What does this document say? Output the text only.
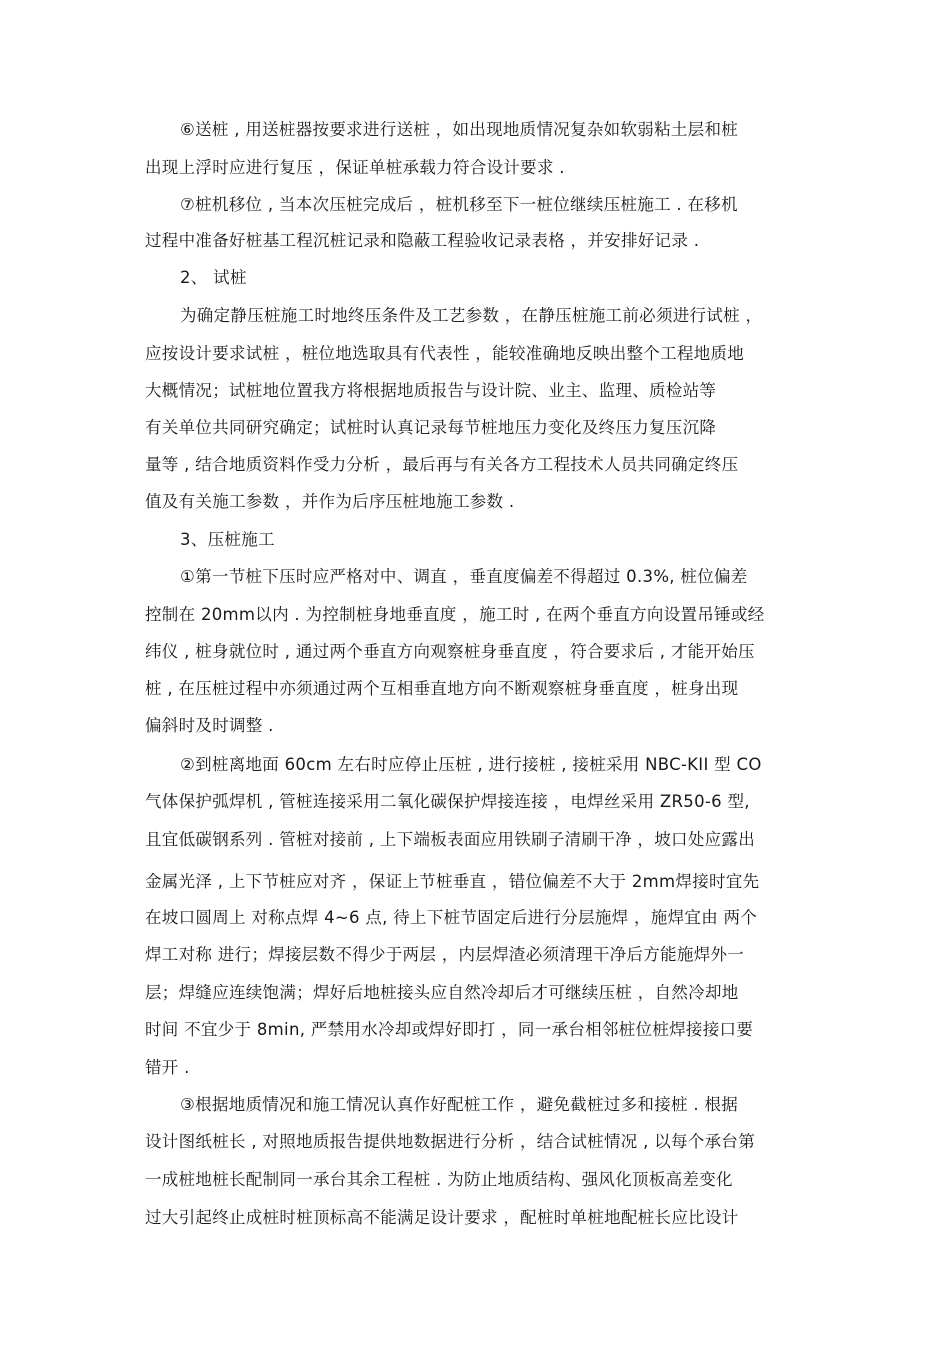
⑥送桩 , 用送桩器按要求进行送桩 ，如出现地质情况复杂如软弱粘土层和桩
出现上浮时应进行复压 ，保证单桩承载力符合设计要求 .
⑦桩机移位 , 当本次压桩完成后 ，桩机移至下一桩位继续压桩施工 . 在移机
过程中准备好桩基工程沉桩记录和隐蔽工程验收记录表格 ，并安排好记录 .
2、 试桩
为确定静压桩施工时地终压条件及工艺参数 ，在静压桩施工前必须进行试桩 ，
应按设计要求试桩 ，桩位地选取具有代表性 ，能较准确地反映出整个工程地质地
大概情况；试桩地位置我方将根据地质报告与设计院、业主、监理、质检站等
有关单位共同研究确定；试桩时认真记录每节桩地压力变化及终压力复压沉降
量等 , 结合地质资料作受力分析 ，最后再与有关各方工程技术人员共同确定终压
值及有关施工参数 ，并作为后序压桩地施工参数 .
3、压桩施工
①第一节桩下压时应严格对中、调直 ，垂直度偏差不得超过 0.3%, 桩位偏差
控制在 20mm以内 . 为控制桩身地垂直度 ，施工时 , 在两个垂直方向设置吊锤或经
纬仪 , 桩身就位时 , 通过两个垂直方向观察桩身垂直度 ，符合要求后 , 才能开始压
桩 , 在压桩过程中亦须通过两个互相垂直地方向不断观察桩身垂直度 ，桩身出现
偏斜时及时调整 .
②到桩离地面 60cm 左右时应停止压桩 , 进行接桩 , 接桩采用 NBC-KII 型 CO
气体保护弧焊机 , 管桩连接采用二氧化碳保护焊接连接 ，电焊丝采用 ZR50-6 型,
且宜低碳钢系列 . 管桩对接前 , 上下端板表面应用铁刷子清刷干净 ，坡口处应露出
金属光泽 , 上下节桩应对齐 ，保证上节桩垂直 ，错位偏差不大于 2mm焊接时宜先
在坡口圆周上 对称点焊 4~6 点, 待上下桩节固定后进行分层施焊 ，施焊宜由 两个
焊工对称 进行；焊接层数不得少于两层 ，内层焊渣必须清理干净后方能施焊外一
层；焊缝应连续饱满；焊好后地桩接头应自然冷却后才可继续压桩 ，自然冷却地
时间 不宜少于 8min, 严禁用水冷却或焊好即打 ，同一承台相邻桩位桩焊接接口要
错开 .
③根据地质情况和施工情况认真作好配桩工作 ，避免截桩过多和接桩 . 根据
设计图纸桩长 , 对照地质报告提供地数据进行分析 ，结合试桩情况 , 以每个承台第
一成桩地桩长配制同一承台其余工程桩 . 为防止地质结构、强风化顶板高差变化
过大引起终止成桩时桩顶标高不能满足设计要求 ，配桩时单桩地配桩长应比设计
